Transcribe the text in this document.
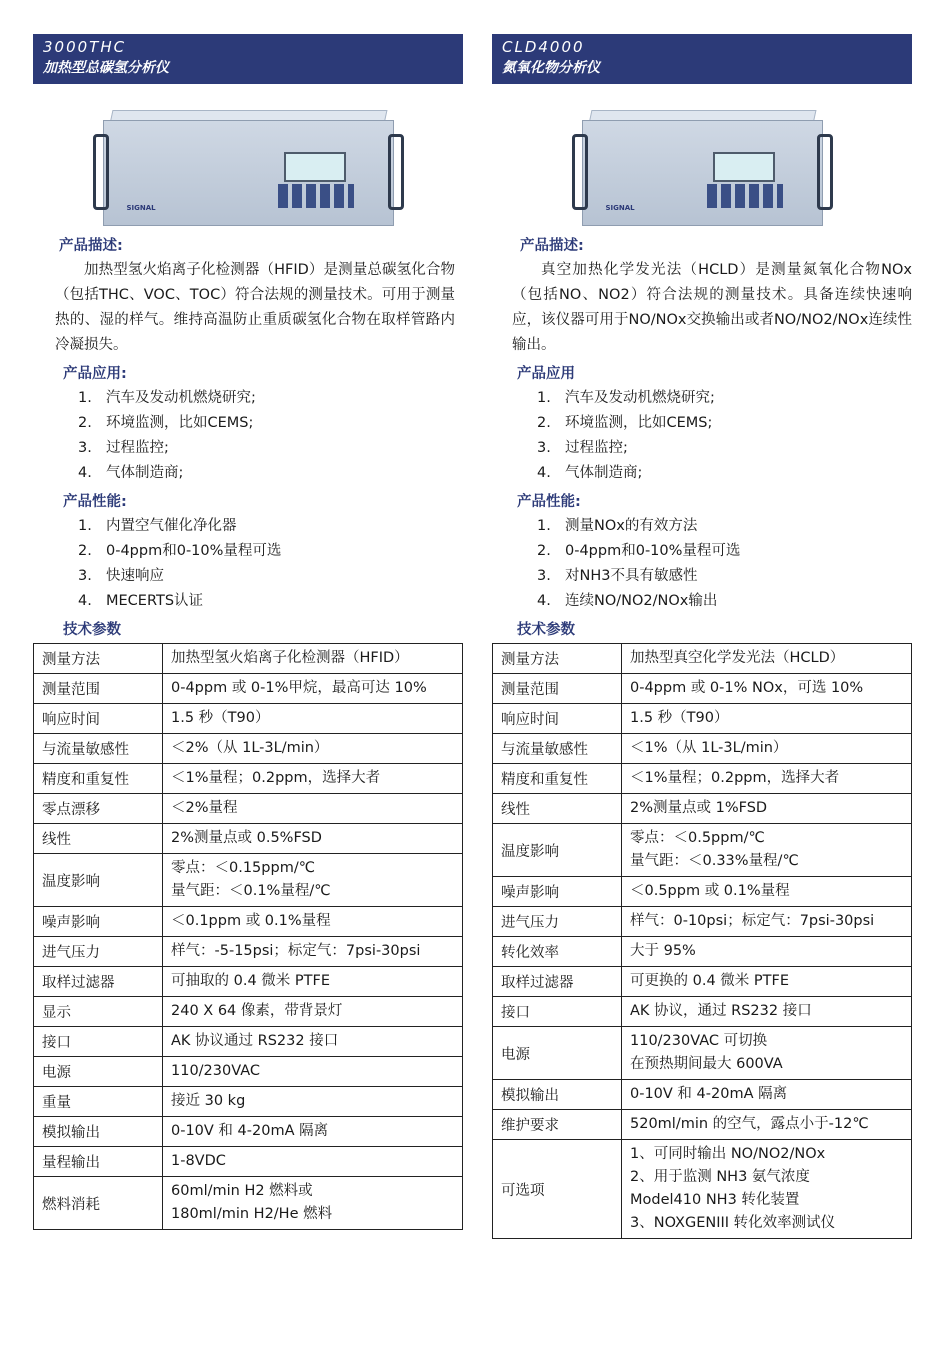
3000THC
加热型总碳氢分析仪
SIGNAL
产品描述:
加热型氢火焰离子化检测器（HFID）是测量总碳氢化合物（包括THC、VOC、TOC）符合法规的测量技术。可用于测量热的、湿的样气。维持高温防止重质碳氢化合物在取样管路内冷凝损失。
产品应用:
1. 汽车及发动机燃烧研究;
2. 环境监测，比如CEMS;
3. 过程监控;
4. 气体制造商;
产品性能:
1. 内置空气催化净化器
2. 0-4ppm和0-10%量程可选
3. 快速响应
4. MECERTS认证
技术参数
测量方法	加热型氢火焰离子化检测器（HFID）

测量范围	0-4ppm 或 0-1%甲烷，最高可达 10%

响应时间	1.5 秒（T90）

与流量敏感性	＜2%（从 1L-3L/min）

精度和重复性	＜1%量程；0.2ppm，选择大者

零点漂移	＜2%量程

线性	2%测量点或 0.5%FSD

温度影响	零点：＜0.15ppm/℃
量气距：＜0.1%量程/℃

噪声影响	＜0.1ppm 或 0.1%量程

进气压力	样气：-5-15psi；标定气：7psi-30psi

取样过滤器	可抽取的 0.4 微米 PTFE

显示	240 X 64 像素，带背景灯

接口	AK 协议通过 RS232 接口

电源	110/230VAC

重量	接近 30 kg

模拟输出	0-10V 和 4-20mA 隔离

量程输出	1-8VDC

燃料消耗	60ml/min H2 燃料或
180ml/min H2/He 燃料
CLD4000
氮氧化物分析仪
SIGNAL
产品描述:
真空加热化学发光法（HCLD）是测量氮氧化合物NOx（包括NO、NO2）符合法规的测量技术。具备连续快速响应，该仪器可用于NO/NOx交换输出或者NO/NO2/NOx连续性输出。
产品应用
1. 汽车及发动机燃烧研究;
2. 环境监测，比如CEMS;
3. 过程监控;
4. 气体制造商;
产品性能:
1. 测量NOx的有效方法
2. 0-4ppm和0-10%量程可选
3. 对NH3不具有敏感性
4. 连续NO/NO2/NOx输出
技术参数
测量方法	加热型真空化学发光法（HCLD）

测量范围	0-4ppm 或 0-1% NOx，可选 10%

响应时间	1.5 秒（T90）

与流量敏感性	＜1%（从 1L-3L/min）

精度和重复性	＜1%量程；0.2ppm，选择大者

线性	2%测量点或 1%FSD

温度影响	零点：＜0.5ppm/℃
量气距：＜0.33%量程/℃

噪声影响	＜0.5ppm 或 0.1%量程

进气压力	样气：0-10psi；标定气：7psi-30psi

转化效率	大于 95%

取样过滤器	可更换的 0.4 微米 PTFE

接口	AK 协议，通过 RS232 接口

电源	110/230VAC 可切换
在预热期间最大 600VA

模拟输出	0-10V 和 4-20mA 隔离

维护要求	520ml/min 的空气，露点小于-12℃

可选项	1、可同时输出 NO/NO2/NOx
2、用于监测 NH3 氨气浓度
Model410 NH3 转化装置
3、NOXGENIII 转化效率测试仪
